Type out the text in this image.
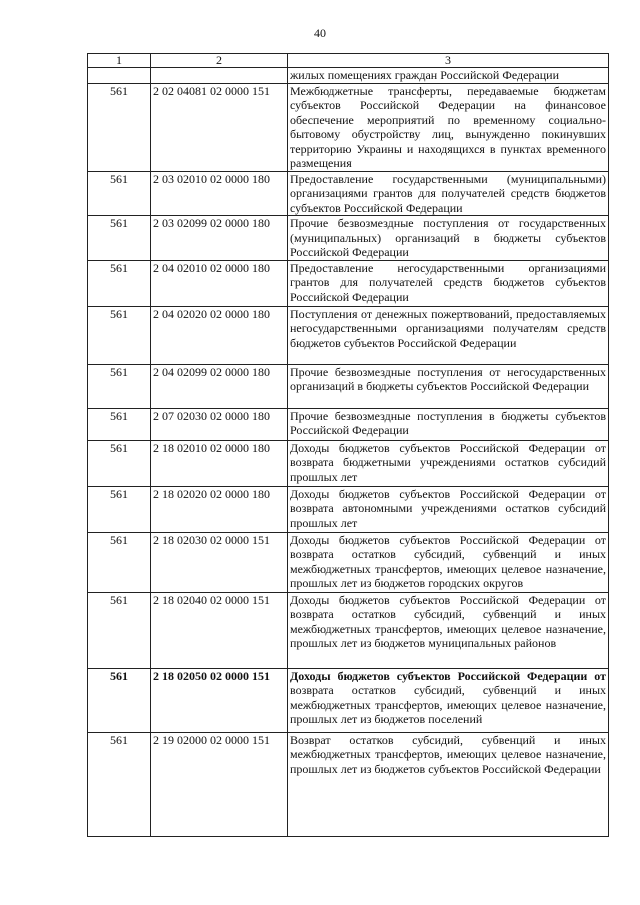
40
1	2	3
		жилых помещениях граждан Российской Федерации
561	2 02 04081 02 0000 151	Межбюджетные трансферты, передаваемые бюджетам субъектов Российской Федерации на финансовое обеспечение мероприятий по временному социально-бытовому обустройству лиц, вынужденно покинувших территорию Украины и находящихся в пунктах временного размещения
561	2 03 02010 02 0000 180	Предоставление государственными (муниципальными) организациями грантов для получателей средств бюджетов субъектов Российской Федерации
561	2 03 02099 02 0000 180	Прочие безвозмездные поступления от государственных (муниципальных) организаций в бюджеты субъектов Российской Федерации
561	2 04 02010 02 0000 180	Предоставление негосударственными организациями грантов для получателей средств бюджетов субъектов Российской Федерации
561	2 04 02020 02 0000 180	Поступления от денежных пожертвований, предоставляемых негосударственными организациями получателям средств бюджетов субъектов Российской Федерации
561	2 04 02099 02 0000 180	Прочие безвозмездные поступления от негосударственных организаций в бюджеты субъектов Российской Федерации
561	2 07 02030 02 0000 180	Прочие безвозмездные поступления в бюджеты субъектов Российской Федерации
561	2 18 02010 02 0000 180	Доходы бюджетов субъектов Российской Федерации от возврата бюджетными учреждениями остатков субсидий прошлых лет
561	2 18 02020 02 0000 180	Доходы бюджетов субъектов Российской Федерации от возврата автономными учреждениями остатков субсидий прошлых лет
561	2 18 02030 02 0000 151	Доходы бюджетов субъектов Российской Федерации от возврата остатков субсидий, субвенций и иных межбюджетных трансфертов, имеющих целевое назначение, прошлых лет из бюджетов городских округов
561	2 18 02040 02 0000 151	Доходы бюджетов субъектов Российской Федерации от возврата остатков субсидий, субвенций и иных межбюджетных трансфертов, имеющих целевое назначение, прошлых лет из бюджетов муниципальных районов
561	2 18 02050 02 0000 151	Доходы бюджетов субъектов Российской Федерации от возврата остатков субсидий, субвенций и иных межбюджетных трансфертов, имеющих целевое назначение, прошлых лет из бюджетов поселений
561	2 19 02000 02 0000 151	Возврат остатков субсидий, субвенций и иных межбюджетных трансфертов, имеющих целевое назначение, прошлых лет из бюджетов субъектов Российской Федерации
